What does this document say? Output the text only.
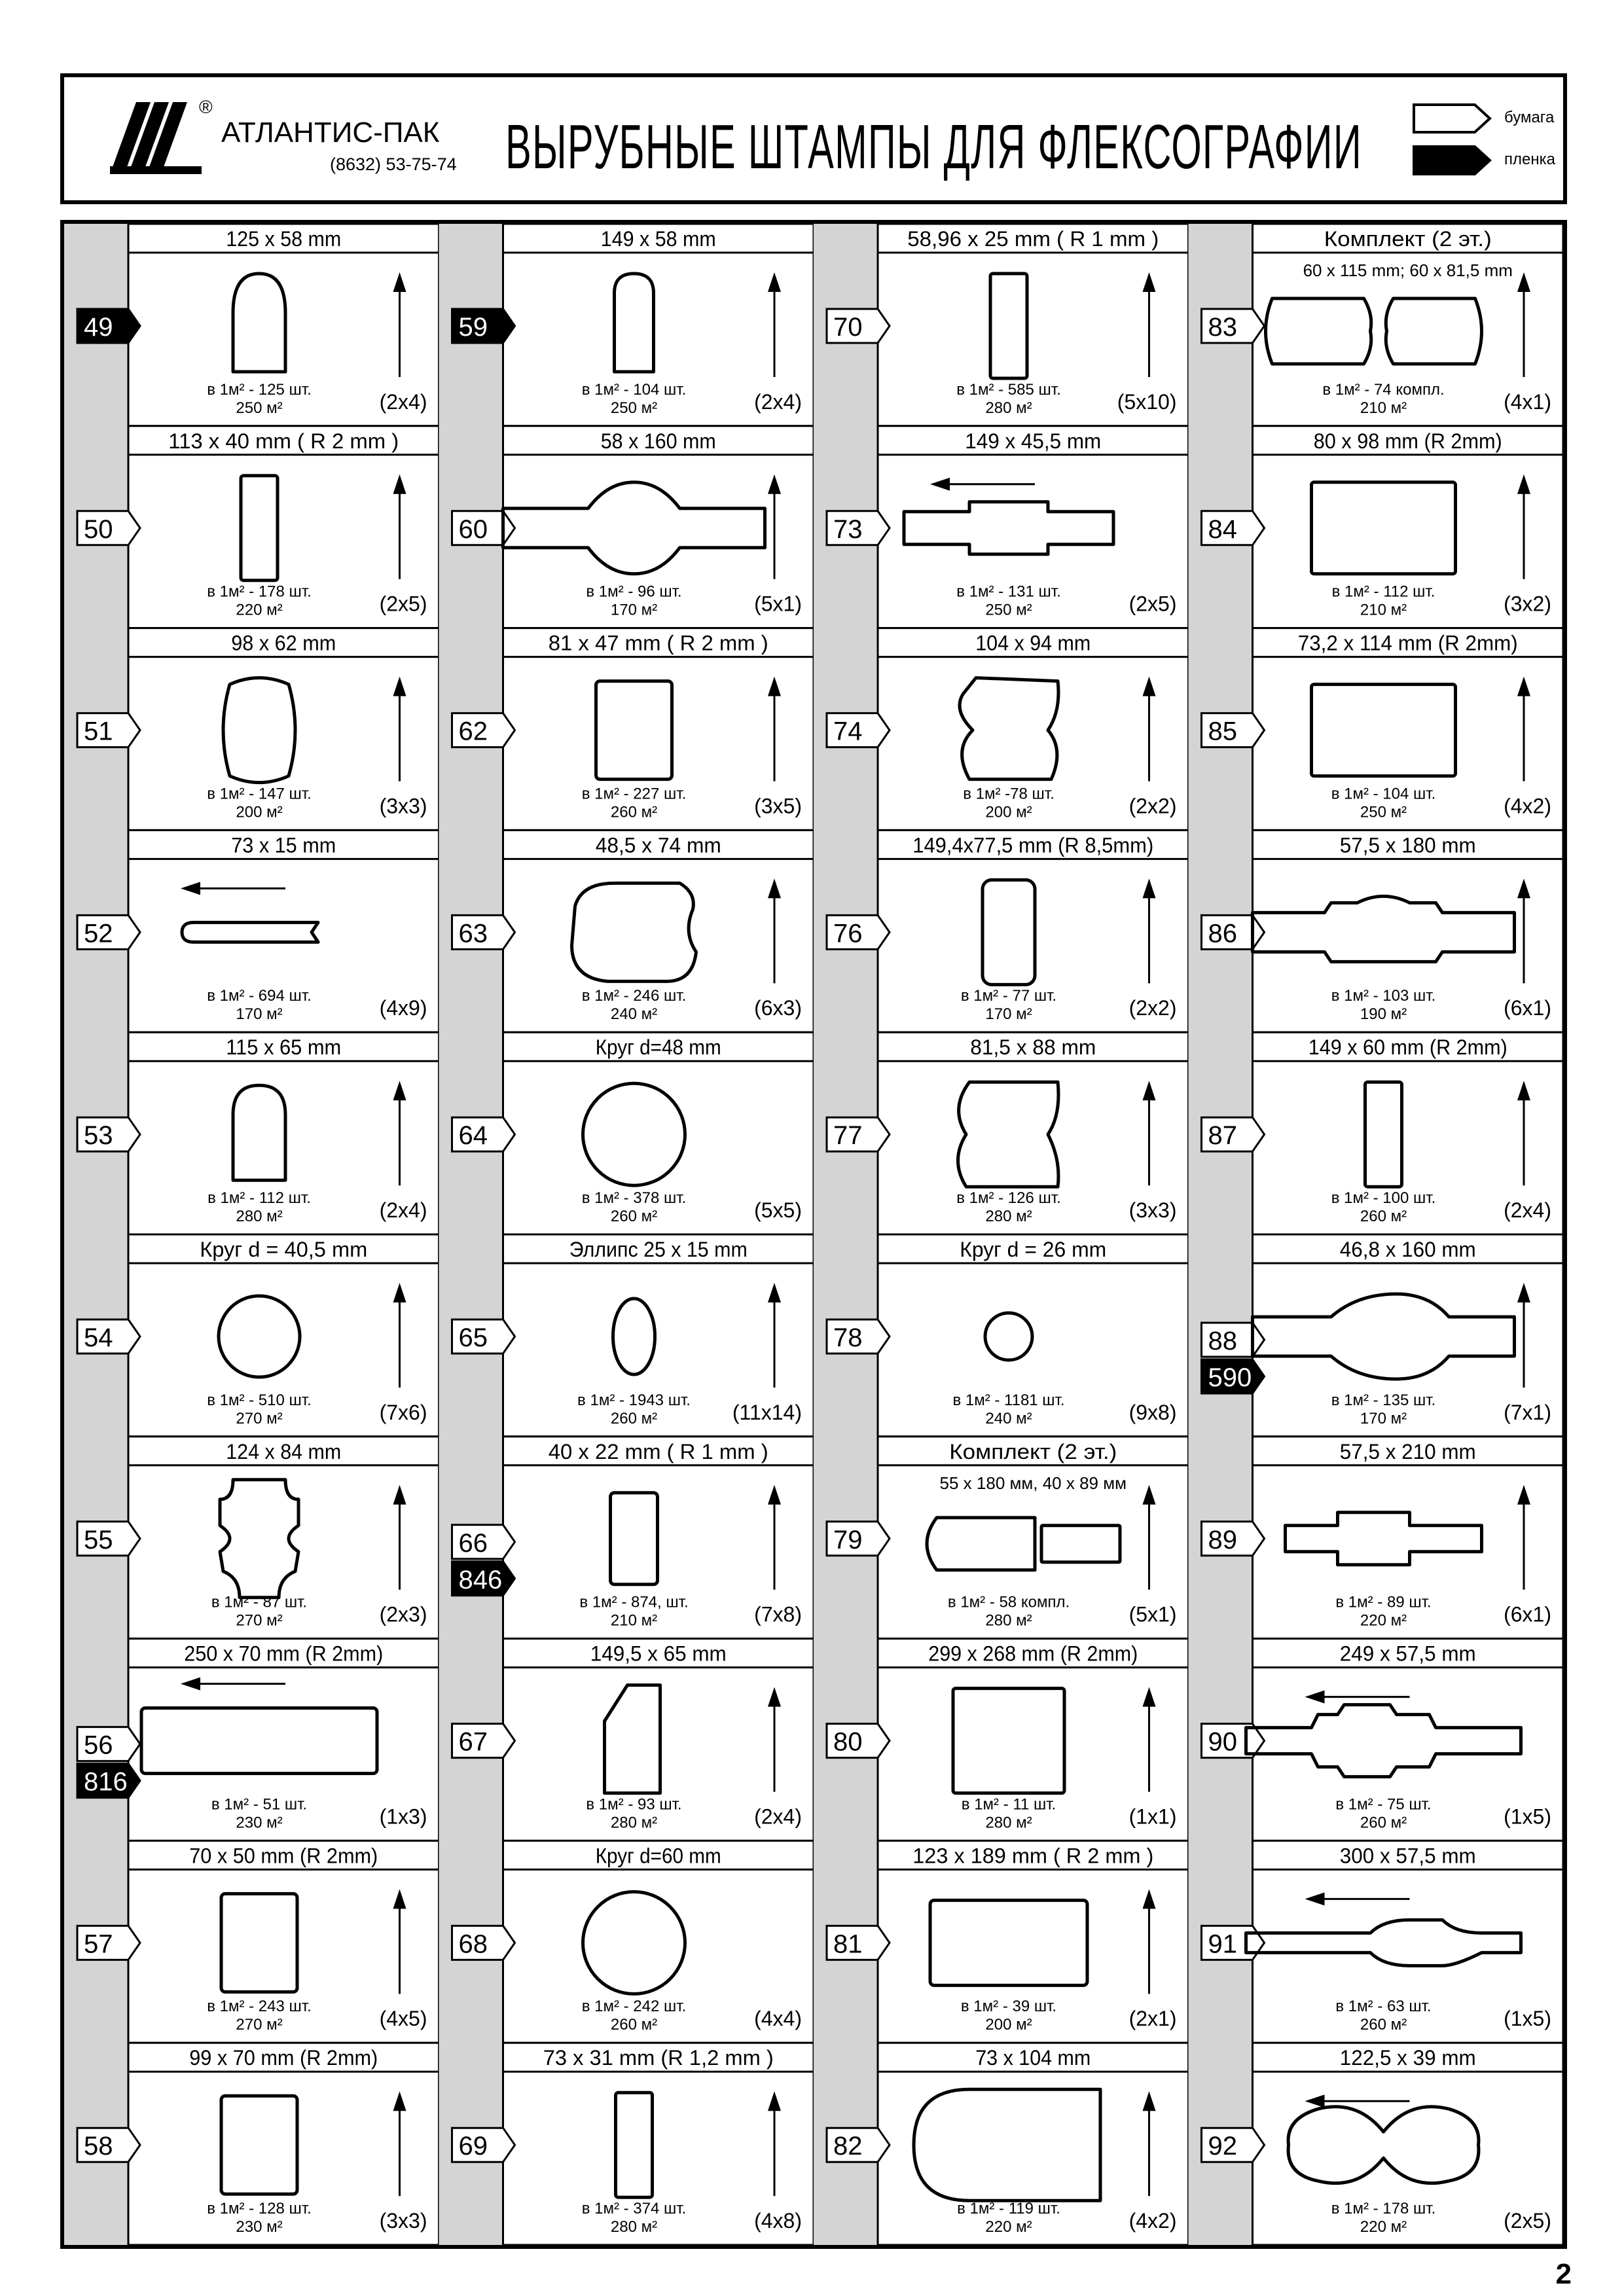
®
АТЛАНТИС-ПАК
(8632) 53-75-74 ВЫРУБНЫЕ ШТАМПЫ ДЛЯ ФЛЕКСОГРАФИИ	бумага
пленка
125 x 58 mm
49
в 1м² - 125 шт.
250 м²	(2x4)
113 x 40 mm ( R 2 mm )
50
в 1м² - 178 шт.
220 м²	(2x5)
98 x 62 mm
51
в 1м² - 147 шт.
200 м²	(3x3)
73 x 15 mm
52
в 1м² - 694 шт.
170 м²	(4x9)
115 x 65 mm
53
в 1м² - 112 шт.
280 м²	(2x4)
Круг d = 40,5 mm
54
в 1м² - 510 шт.
270 м²	(7x6)
124 x 84 mm
55
в 1м² - 87 шт.
270 м²	(2x3)
250 x 70 mm (R 2mm)
56
816
в 1м² - 51 шт.
230 м²	(1x3)
70 x 50 mm (R 2mm)
57
в 1м² - 243 шт.
270 м²	(4x5)
99 x 70 mm (R 2mm)
58
в 1м² - 128 шт.
230 м²	(3x3)
149 x 58 mm
59
в 1м² - 104 шт.
250 м²	(2x4)
58 x 160 mm
60
в 1м² - 96 шт.
170 м²	(5x1)
81 x 47 mm ( R 2 mm )
62
в 1м² - 227 шт.
260 м²	(3x5)
48,5 x 74 mm
63
в 1м² - 246 шт.
240 м²	(6x3)
Круг d=48 mm
64
в 1м² - 378 шт.
260 м²	(5x5)
Эллипс 25 x 15 mm
65
в 1м² - 1943 шт.
260 м²	(11x14)
40 x 22 mm ( R 1 mm )
66
846
в 1м² - 874, шт.
210 м²	(7x8)
149,5 x 65 mm
67
в 1м² - 93 шт.
280 м²	(2x4)
Круг d=60 mm
68
в 1м² - 242 шт.
260 м²	(4x4)
73 x 31 mm (R 1,2 mm )
69
в 1м² - 374 шт.
280 м²	(4x8)
58,96 x 25 mm ( R 1 mm )
70
в 1м² - 585 шт.
280 м²	(5x10)
149 x 45,5 mm
73
в 1м² - 131 шт.
250 м²	(2x5)
104 x 94 mm
74
в 1м² -78 шт.
200 м²	(2x2)
149,4x77,5 mm (R 8,5mm)
76
в 1м² - 77 шт.
170 м²	(2x2)
81,5 x 88 mm
77
в 1м² - 126 шт.
280 м²	(3x3)
Круг d = 26 mm
78
в 1м² - 1181 шт.
240 м²	(9x8)
Комплект (2 эт.)
55 x 180 мм, 40 x 89 мм
79
в 1м² - 58 компл.
280 м²	(5x1)
299 x 268 mm (R 2mm)
80
в 1м² - 11 шт.
280 м²	(1x1)
123 x 189 mm ( R 2 mm )
81
в 1м² - 39 шт.
200 м²	(2x1)
73 x 104 mm
82
в 1м² - 119 шт.
220 м²	(4x2)
Комплект (2 эт.)
60 x 115 mm; 60 x 81,5 mm
83
в 1м² - 74 компл.
210 м²	(4x1)
80 x 98 mm (R 2mm)
84
в 1м² - 112 шт.
210 м²	(3x2)
73,2 x 114 mm (R 2mm)
85
в 1м² - 104 шт.
250 м²	(4x2)
57,5 x 180 mm
86
в 1м² - 103 шт.
190 м²	(6x1)
149 x 60 mm (R 2mm)
87
в 1м² - 100 шт.
260 м²	(2x4)
46,8 x 160 mm
88
590
в 1м² - 135 шт.
170 м²	(7x1)
57,5 x 210 mm
89
в 1м² - 89 шт.
220 м²	(6x1)
249 x 57,5 mm
90
в 1м² - 75 шт.
260 м²	(1x5)
300 x 57,5 mm
91
в 1м² - 63 шт.
260 м²	(1x5)
122,5 x 39 mm
92
в 1м² - 178 шт.
220 м²	(2x5)
2
